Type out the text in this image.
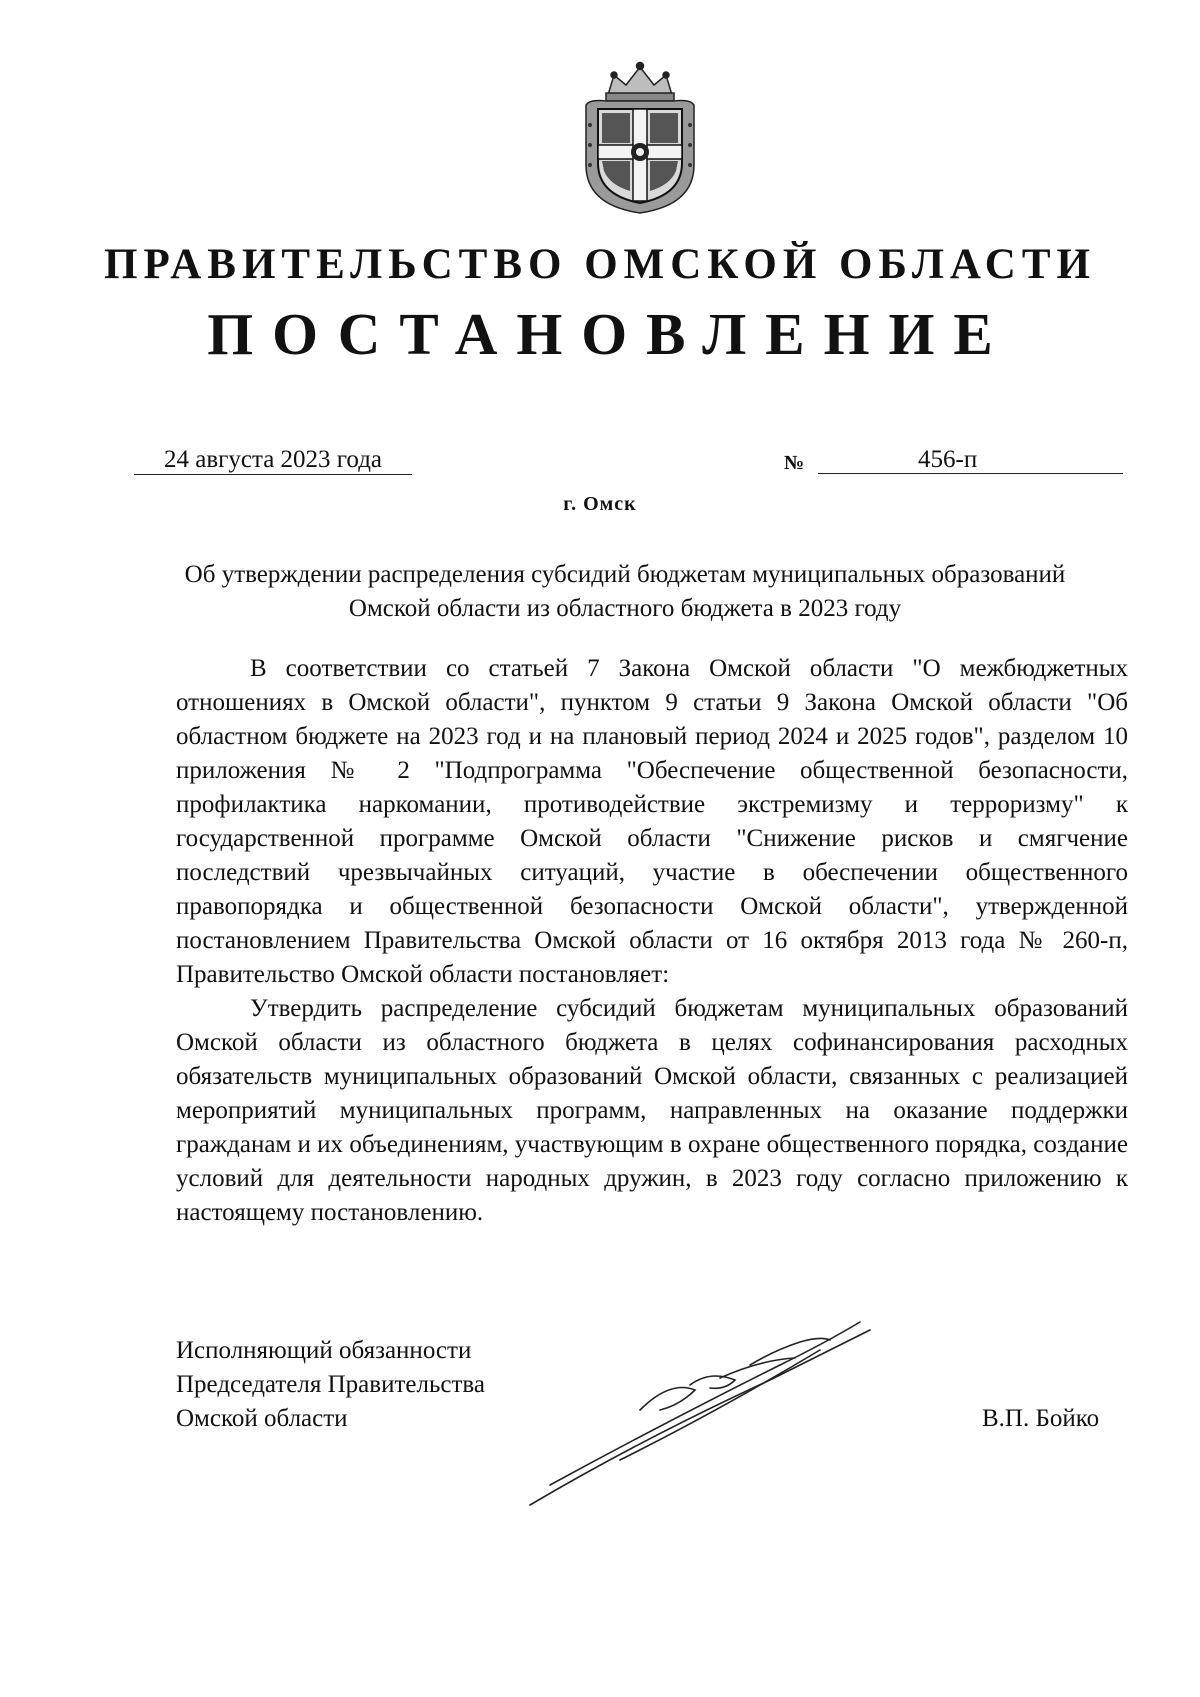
ПРАВИТЕЛЬСТВО ОМСКОЙ ОБЛАСТИ
ПОСТАНОВЛЕНИЕ
24 августа 2023 года	№	456-п
г. Омск
Об утверждении распределения субсидий бюджетам муниципальных образований Омской области из областного бюджета в 2023 году

В соответствии со статьей 7 Закона Омской области "О межбюджетных отношениях в Омской области", пунктом 9 статьи 9 Закона Омской области "Об областном бюджете на 2023 год и на плановый период 2024 и 2025 годов", разделом 10 приложения № 2 "Подпрограмма "Обеспечение общественной безопасности, профилактика наркомании, противодействие экстремизму и терроризму" к государственной программе Омской области "Снижение рисков и смягчение последствий чрезвычайных ситуаций, участие в обеспечении общественного правопорядка и общественной безопасности Омской области", утвержденной постановлением Правительства Омской области от 16 октября 2013 года № 260-п, Правительство Омской области постановляет:

Утвердить распределение субсидий бюджетам муниципальных образований Омской области из областного бюджета в целях софинансирования расходных обязательств муниципальных образований Омской области, связанных с реализацией мероприятий муниципальных программ, направленных на оказание поддержки гражданам и их объединениям, участвующим в охране общественного порядка, создание условий для деятельности народных дружин, в 2023 году согласно приложению к настоящему постановлению.

Исполняющий обязанности
Председателя Правительства
Омской области	В.П. Бойко
